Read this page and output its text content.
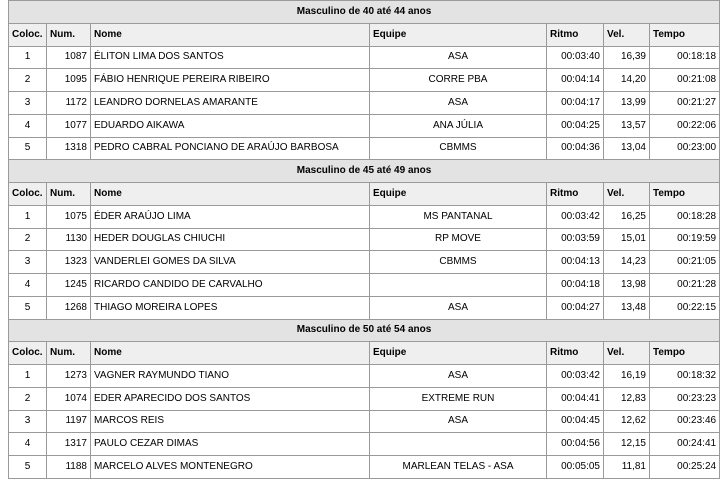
Masculino de 40 até 44 anos						
Coloc.	Num.	Nome	Equipe	Ritmo	Vel.	Tempo
1	1087	ÉLITON LIMA DOS SANTOS	ASA	00:03:40	16,39	00:18:18
2	1095	FÁBIO HENRIQUE PEREIRA RIBEIRO	CORRE PBA	00:04:14	14,20	00:21:08
3	1172	LEANDRO DORNELAS AMARANTE	ASA	00:04:17	13,99	00:21:27
4	1077	EDUARDO AIKAWA	ANA JÚLIA	00:04:25	13,57	00:22:06
5	1318	PEDRO CABRAL PONCIANO DE ARAÚJO BARBOSA	CBMMS	00:04:36	13,04	00:23:00
Masculino de 45 até 49 anos						
Coloc.	Num.	Nome	Equipe	Ritmo	Vel.	Tempo
1	1075	ÉDER ARAÚJO LIMA	MS PANTANAL	00:03:42	16,25	00:18:28
2	1130	HEDER DOUGLAS CHIUCHI	RP MOVE	00:03:59	15,01	00:19:59
3	1323	VANDERLEI GOMES DA SILVA	CBMMS	00:04:13	14,23	00:21:05
4	1245	RICARDO CANDIDO DE CARVALHO		00:04:18	13,98	00:21:28
5	1268	THIAGO MOREIRA LOPES	ASA	00:04:27	13,48	00:22:15
Masculino de 50 até 54 anos						
Coloc.	Num.	Nome	Equipe	Ritmo	Vel.	Tempo
1	1273	VAGNER RAYMUNDO TIANO	ASA	00:03:42	16,19	00:18:32
2	1074	EDER APARECIDO DOS SANTOS	EXTREME RUN	00:04:41	12,83	00:23:23
3	1197	MARCOS REIS	ASA	00:04:45	12,62	00:23:46
4	1317	PAULO CEZAR DIMAS		00:04:56	12,15	00:24:41
5	1188	MARCELO ALVES MONTENEGRO	MARLEAN TELAS - ASA	00:05:05	11,81	00:25:24
